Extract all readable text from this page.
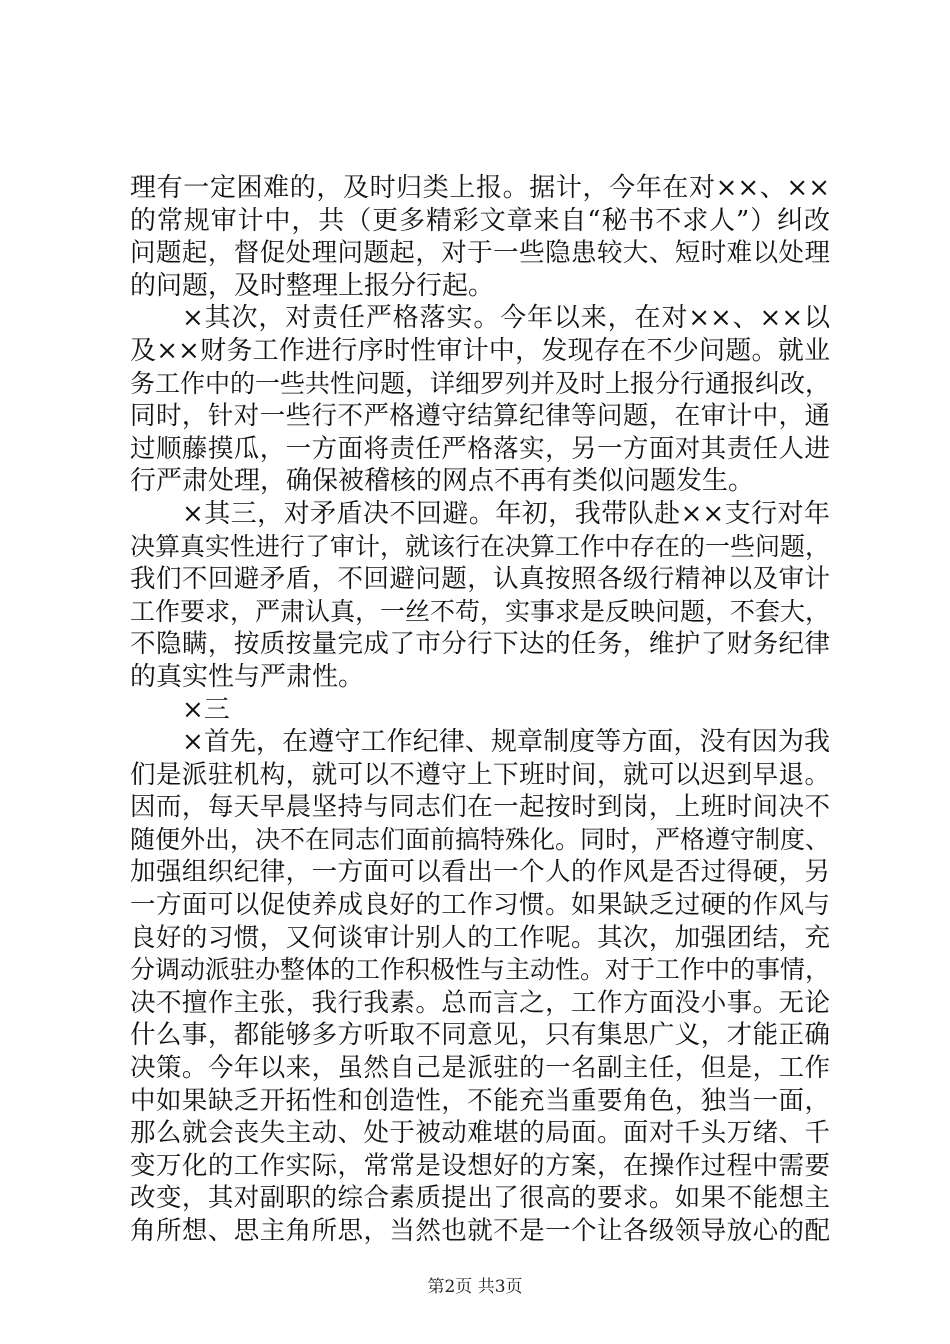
理有一定困难的，及时归类上报。据计，今年在对××、××
的常规审计中，共（更多精彩文章来自“秘书不求人”）纠改
问题起，督促处理问题起，对于一些隐患较大、短时难以处理
的问题，及时整理上报分行起。
×其次，对责任严格落实。今年以来，在对××、××以
及××财务工作进行序时性审计中，发现存在不少问题。就业
务工作中的一些共性问题，详细罗列并及时上报分行通报纠改，
同时，针对一些行不严格遵守结算纪律等问题，在审计中，通
过顺藤摸瓜，一方面将责任严格落实，另一方面对其责任人进
行严肃处理，确保被稽核的网点不再有类似问题发生。
×其三，对矛盾决不回避。年初，我带队赴××支行对年
决算真实性进行了审计，就该行在决算工作中存在的一些问题，
我们不回避矛盾，不回避问题，认真按照各级行精神以及审计
工作要求，严肃认真，一丝不苟，实事求是反映问题，不套大，
不隐瞒，按质按量完成了市分行下达的任务，维护了财务纪律
的真实性与严肃性。
×三
×首先，在遵守工作纪律、规章制度等方面，没有因为我
们是派驻机构，就可以不遵守上下班时间，就可以迟到早退。
因而，每天早晨坚持与同志们在一起按时到岗，上班时间决不
随便外出，决不在同志们面前搞特殊化。同时，严格遵守制度、
加强组织纪律，一方面可以看出一个人的作风是否过得硬，另
一方面可以促使养成良好的工作习惯。如果缺乏过硬的作风与
良好的习惯，又何谈审计别人的工作呢。其次，加强团结，充
分调动派驻办整体的工作积极性与主动性。对于工作中的事情，
决不擅作主张，我行我素。总而言之，工作方面没小事。无论
什么事，都能够多方听取不同意见，只有集思广义，才能正确
决策。今年以来，虽然自己是派驻的一名副主任，但是，工作
中如果缺乏开拓性和创造性，不能充当重要角色，独当一面，
那么就会丧失主动、处于被动难堪的局面。面对千头万绪、千
变万化的工作实际，常常是设想好的方案，在操作过程中需要
改变，其对副职的综合素质提出了很高的要求。如果不能想主
角所想、思主角所思，当然也就不是一个让各级领导放心的配
第2页 共3页
